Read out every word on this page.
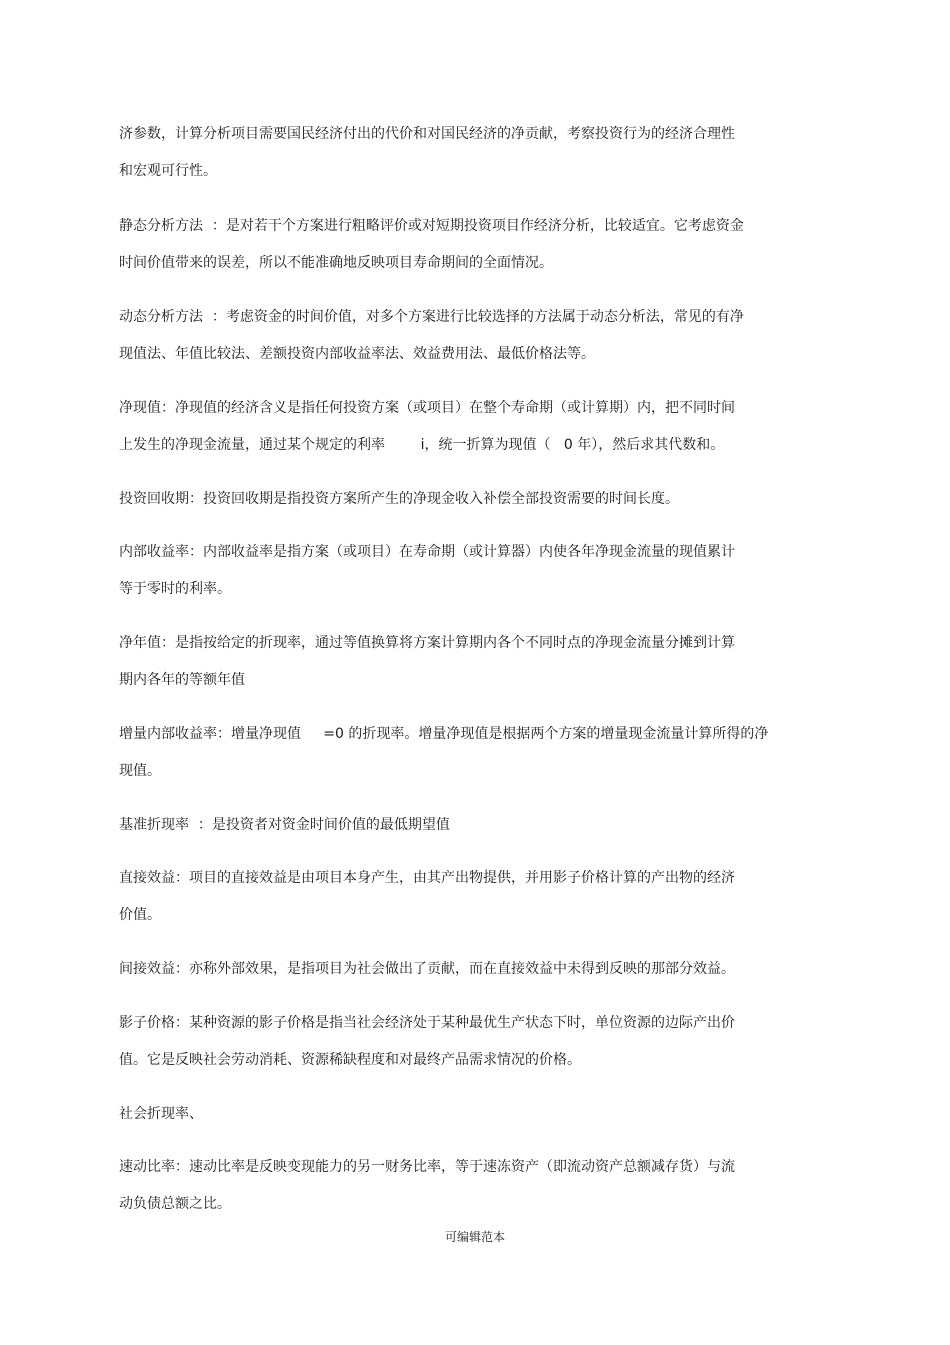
济参数，计算分析项目需要国民经济付出的代价和对国民经济的净贡献，考察投资行为的经济合理性
和宏观可行性。
静态分析方法  ：是对若干个方案进行粗略评价或对短期投资项目作经济分析，比较适宜。它考虑资金
时间价值带来的误差，所以不能准确地反映项目寿命期间的全面情况。
动态分析方法  ：考虑资金的时间价值，对多个方案进行比较选择的方法属于动态分析法，常见的有净
现值法、年值比较法、差额投资内部收益率法、效益费用法、最低价格法等。
净现值：净现值的经济含义是指任何投资方案（或项目）在整个寿命期（或计算期）内，把不同时间
上发生的净现金流量，通过某个规定的利率        i，统一折算为现值（   0 年），然后求其代数和。
投资回收期：投资回收期是指投资方案所产生的净现金收入补偿全部投资需要的时间长度。
内部收益率：内部收益率是指方案（或项目）在寿命期（或计算器）内使各年净现金流量的现值累计
等于零时的利率。
净年值：是指按给定的折现率，通过等值换算将方案计算期内各个不同时点的净现金流量分摊到计算
期内各年的等额年值
增量内部收益率：增量净现值     =0 的折现率。增量净现值是根据两个方案的增量现金流量计算所得的净
现值。
基准折现率  ：是投资者对资金时间价值的最低期望值
直接效益：项目的直接效益是由项目本身产生，由其产出物提供，并用影子价格计算的产出物的经济
价值。
间接效益：亦称外部效果，是指项目为社会做出了贡献，而在直接效益中未得到反映的那部分效益。
影子价格：某种资源的影子价格是指当社会经济处于某种最优生产状态下时，单位资源的边际产出价
值。它是反映社会劳动消耗、资源稀缺程度和对最终产品需求情况的价格。
社会折现率、
速动比率：速动比率是反映变现能力的另一财务比率，等于速冻资产（即流动资产总额减存货）与流
动负债总额之比。
可编辑范本
